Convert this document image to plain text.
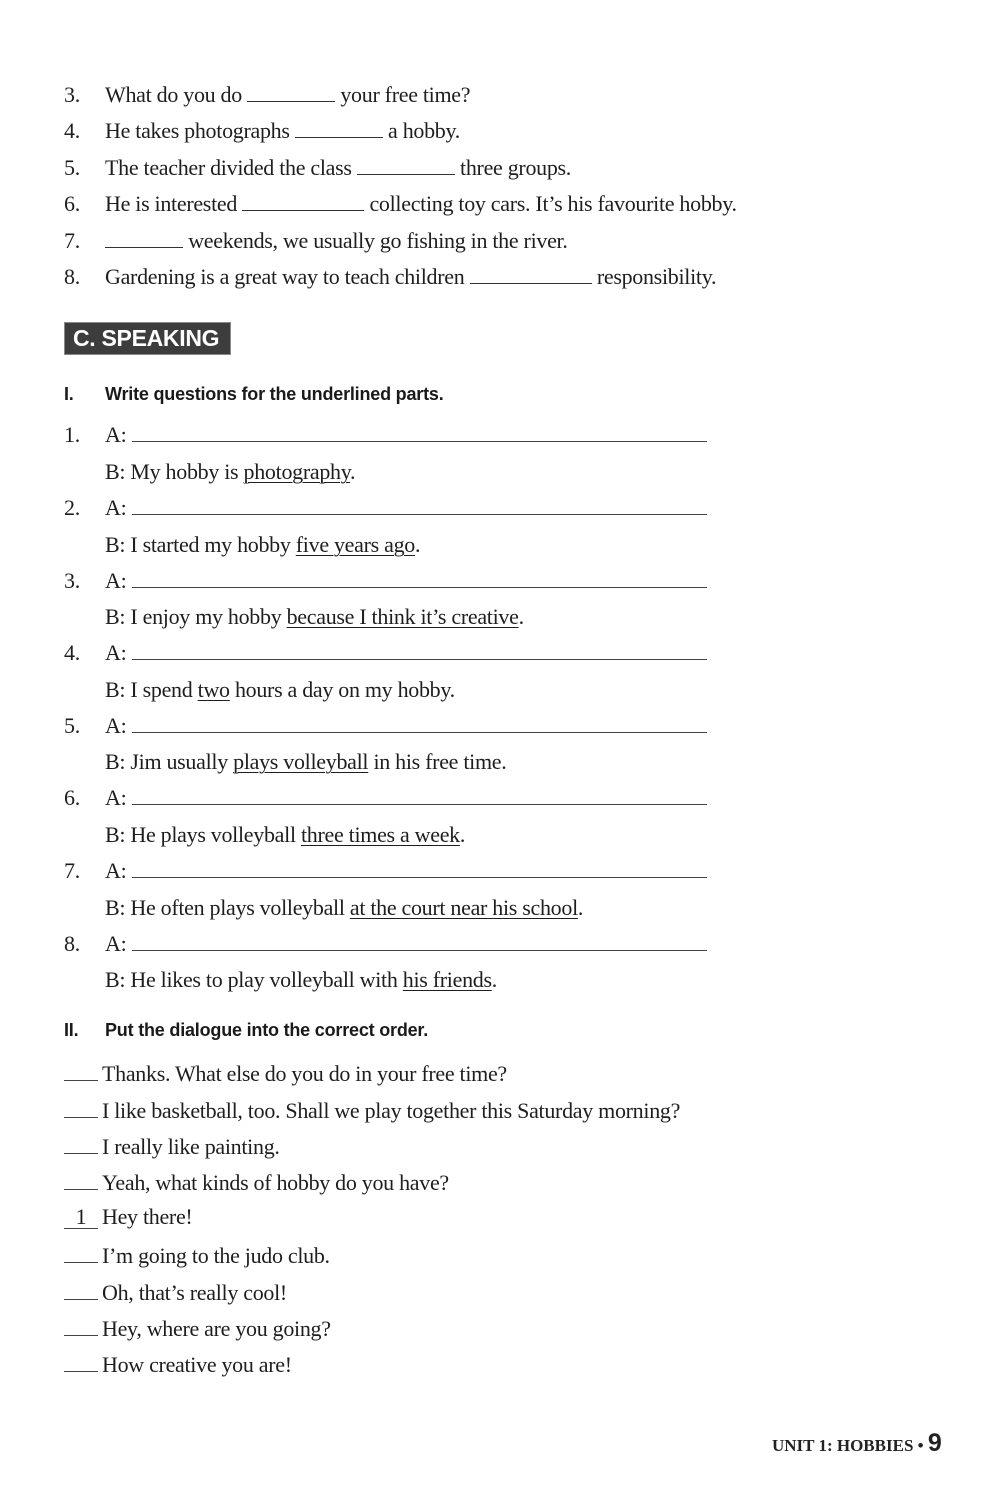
3. What do you do	your free time?
4. He takes photographs	a hobby.
5. The teacher divided the class	three groups.
6. He is interested	collecting toy cars. It’s his favourite hobby.
7.	weekends, we usually go fishing in the river.
8. Gardening is a great way to teach children	responsibility.
C. SPEAKING
I. Write questions for the underlined parts.
1. A:
B: My hobby is photography.
2. A:
B: I started my hobby five years ago.
3. A:
B: I enjoy my hobby because I think it’s creative.
4. A:
B: I spend two hours a day on my hobby.
5. A:
B: Jim usually plays volleyball in his free time.
6. A:
B: He plays volleyball three times a week.
7. A:
B: He often plays volleyball at the court near his school.
8. A:
B: He likes to play volleyball with his friends.
II. Put the dialogue into the correct order.
Thanks. What else do you do in your free time?
I like basketball, too. Shall we play together this Saturday morning?
I really like painting.
Yeah, what kinds of hobby do you have?
1 Hey there!
I’m going to the judo club.
Oh, that’s really cool!
Hey, where are you going?
How creative you are!
UNIT 1: HOBBIES • 9
